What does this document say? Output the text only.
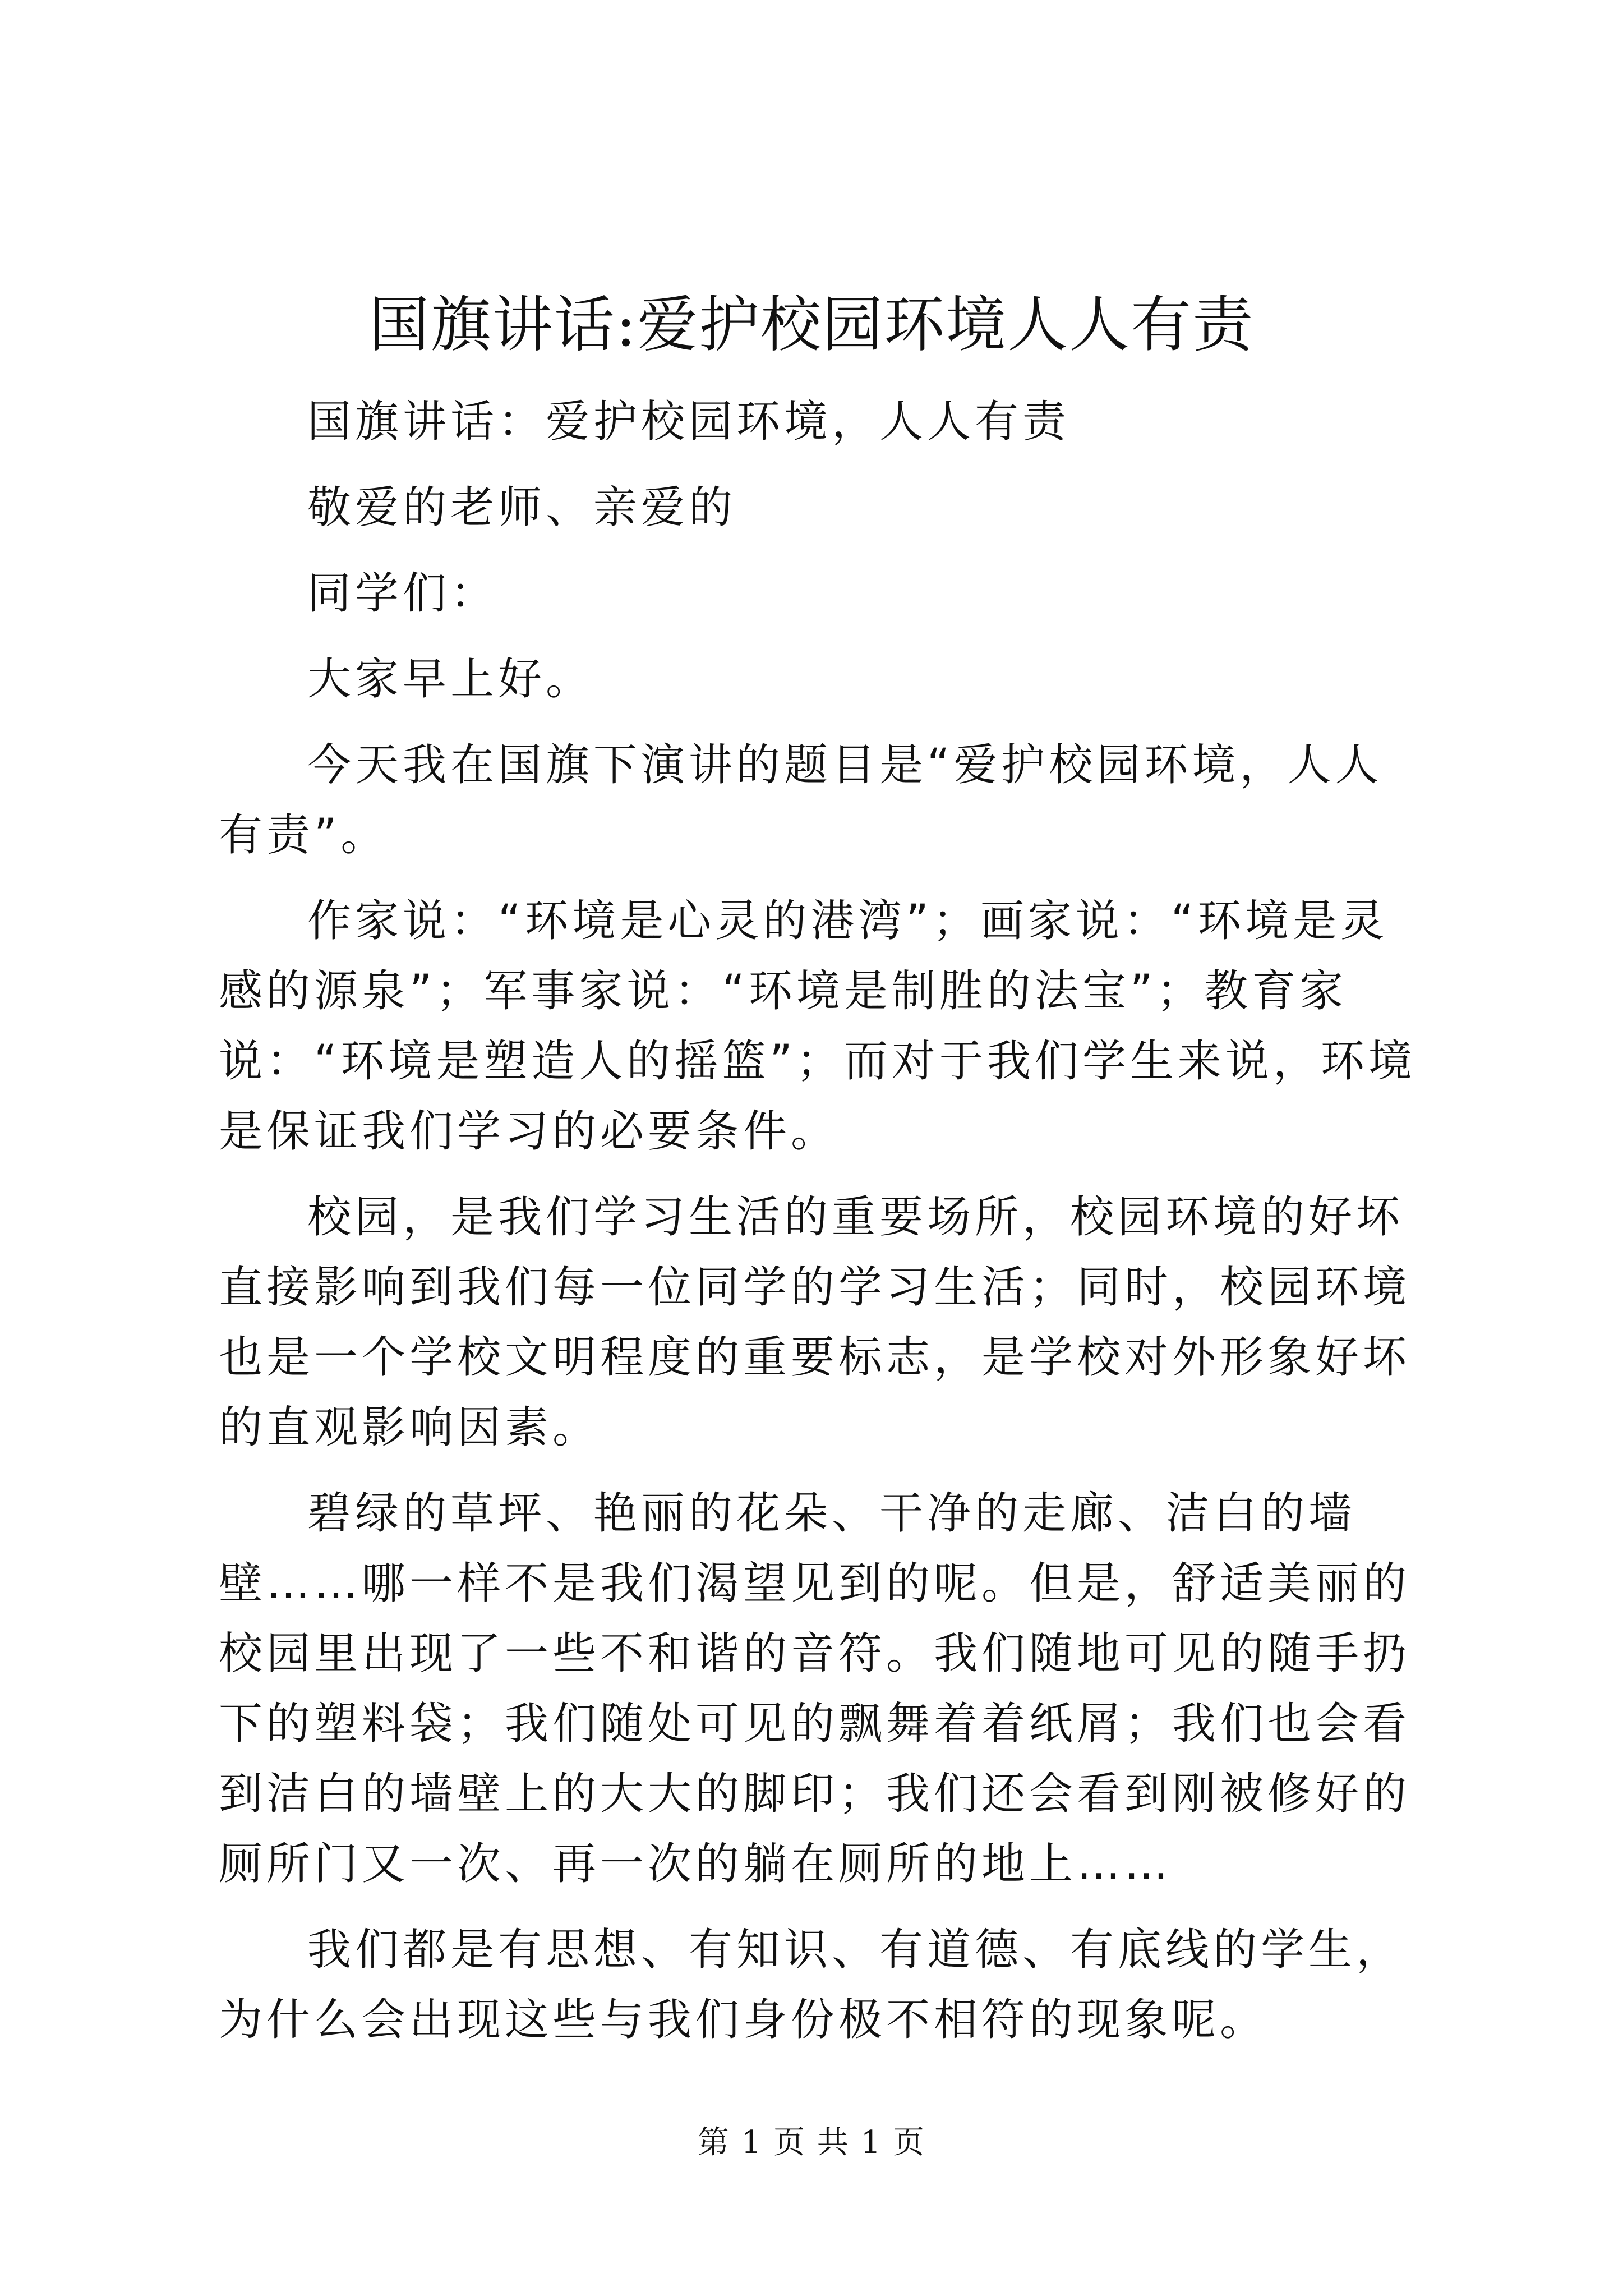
国旗讲话:爱护校园环境人人有责

国旗讲话：爱护校园环境，人人有责

敬爱的老师、亲爱的

同学们：

大家早上好。

今天我在国旗下演讲的题目是“爱护校园环境，人人有责”。

作家说：“环境是心灵的港湾”；画家说：“环境是灵感的源泉”；军事家说：“环境是制胜的法宝”；教育家说：“环境是塑造人的摇篮”；而对于我们学生来说，环境是保证我们学习的必要条件。

校园，是我们学习生活的重要场所，校园环境的好坏直接影响到我们每一位同学的学习生活；同时，校园环境也是一个学校文明程度的重要标志，是学校对外形象好坏的直观影响因素。

碧绿的草坪、艳丽的花朵、干净的走廊、洁白的墙壁……哪一样不是我们渴望见到的呢。但是，舒适美丽的校园里出现了一些不和谐的音符。我们随地可见的随手扔下的塑料袋；我们随处可见的飘舞着着纸屑；我们也会看到洁白的墙壁上的大大的脚印；我们还会看到刚被修好的厕所门又一次、再一次的躺在厕所的地上……

我们都是有思想、有知识、有道德、有底线的学生，为什么会出现这些与我们身份极不相符的现象呢。

第 1 页 共 1 页
